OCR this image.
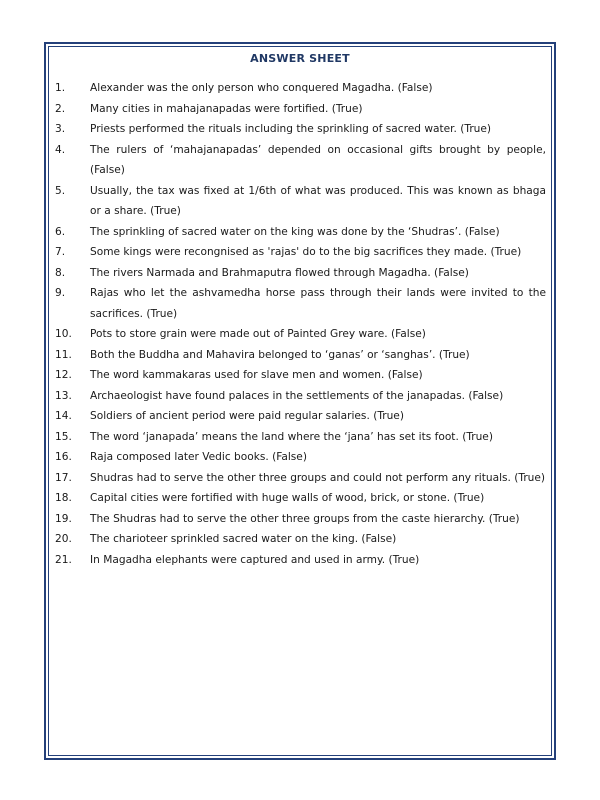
ANSWER SHEET
1.	Alexander was the only person who conquered Magadha. (False)
2.	Many cities in mahajanapadas were fortified. (True)
3.	Priests performed the rituals including the sprinkling of sacred water. (True)
4.	The rulers of ‘mahajanapadas’ depended on occasional gifts brought by people, (False)
5.	Usually, the tax was fixed at 1/6th of what was produced. This was known as bhaga or a share. (True)
6.	The sprinkling of sacred water on the king was done by the ‘Shudras’. (False)
7.	Some kings were recongnised as 'rajas' do to the big sacrifices they made. (True)
8.	The rivers Narmada and Brahmaputra flowed through Magadha. (False)
9.	Rajas who let the ashvamedha horse pass through their lands were invited to the sacrifices. (True)
10.	Pots to store grain were made out of Painted Grey ware. (False)
11.	Both the Buddha and Mahavira belonged to ‘ganas’ or ‘sanghas’. (True)
12.	The word kammakaras used for slave men and women. (False)
13.	Archaeologist have found palaces in the settlements of the janapadas. (False)
14.	Soldiers of ancient period were paid regular salaries. (True)
15.	The word ‘janapada’ means the land where the ‘jana’ has set its foot. (True)
16.	Raja composed later Vedic books. (False)
17.	Shudras had to serve the other three groups and could not perform any rituals. (True)
18.	Capital cities were fortified with huge walls of wood, brick, or stone. (True)
19.	The Shudras had to serve the other three groups from the caste hierarchy. (True)
20.	The charioteer sprinkled sacred water on the king. (False)
21.	In Magadha elephants were captured and used in army. (True)
